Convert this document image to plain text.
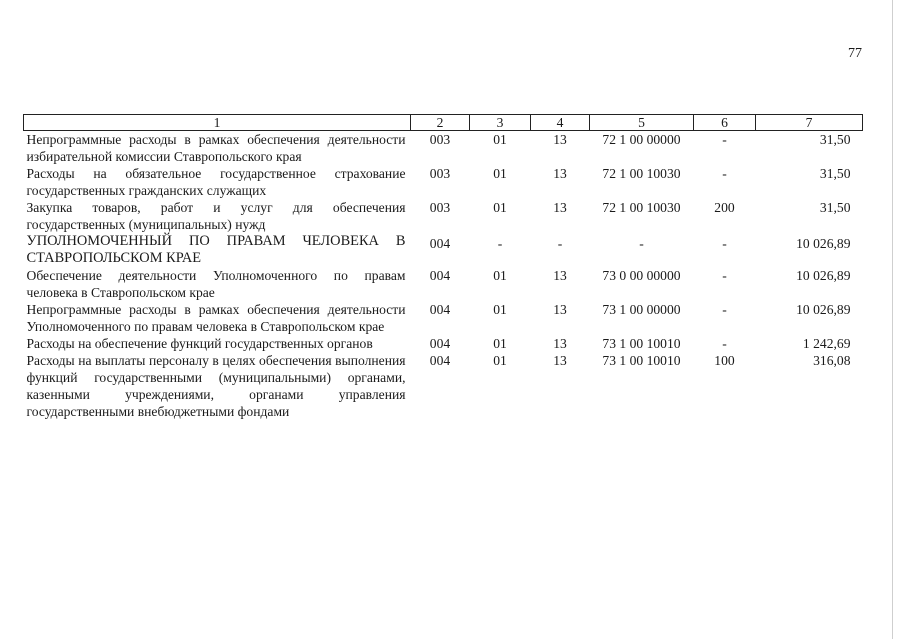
77
1	2	3	4	5	6	7
Непрограммные расходы в рамках обеспечения деятельности избирательной комиссии Ставропольского края	003	01	13	72 1 00 00000	-	31,50
Расходы на обязательное государственное страхование государственных гражданских служащих	003	01	13	72 1 00 10030	-	31,50
Закупка товаров, работ и услуг для обеспечения государственных (муниципальных) нужд	003	01	13	72 1 00 10030	200	31,50
УПОЛНОМОЧЕННЫЙ ПО ПРАВАМ ЧЕЛОВЕКА В СТАВРОПОЛЬСКОМ КРАЕ	004	-	-	-	-	10 026,89
Обеспечение деятельности Уполномоченного по правам человека в Ставропольском крае	004	01	13	73 0 00 00000	-	10 026,89
Непрограммные расходы в рамках обеспечения деятельности Уполномоченного по правам человека в Ставропольском крае	004	01	13	73 1 00 00000	-	10 026,89
Расходы на обеспечение функций государственных органов	004	01	13	73 1 00 10010	-	1 242,69
Расходы на выплаты персоналу в целях обеспечения выполнения функций государственными (муниципальными) органами, казенными учреждениями, органами управления государственными внебюджетными фондами	004	01	13	73 1 00 10010	100	316,08
